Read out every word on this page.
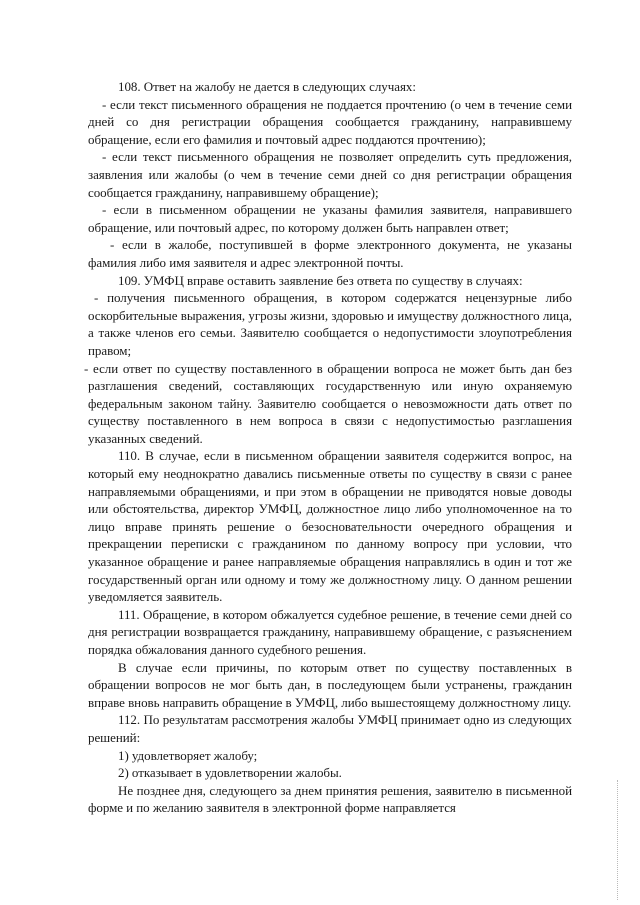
108. Ответ на жалобу не дается в следующих случаях:

- если текст письменного обращения не поддается прочтению (о чем в течение семи дней со дня регистрации обращения сообщается гражданину, направившему обращение, если его фамилия и почтовый адрес поддаются прочтению);

- если текст письменного обращения не позволяет определить суть предложения, заявления или жалобы (о чем в течение семи дней со дня регистрации обращения сообщается гражданину, направившему обращение);

- если в письменном обращении не указаны фамилия заявителя, направившего обращение, или почтовый адрес, по которому должен быть направлен ответ;

- если в жалобе, поступившей в форме электронного документа, не указаны фамилия либо имя заявителя и адрес электронной почты.

109. УМФЦ вправе оставить заявление без ответа по существу в случаях:

- получения письменного обращения, в котором содержатся нецензурные либо оскорбительные выражения, угрозы жизни, здоровью и имуществу должностного лица, а также членов его семьи. Заявителю сообщается о недопустимости злоупотребления правом;

- если ответ по существу поставленного в обращении вопроса не может быть дан без разглашения сведений, составляющих государственную или иную охраняемую федеральным законом тайну. Заявителю сообщается о невозможности дать ответ по существу поставленного в нем вопроса в связи с недопустимостью разглашения указанных сведений.

110. В случае, если в письменном обращении заявителя содержится вопрос, на который ему неоднократно давались письменные ответы по существу в связи с ранее направляемыми обращениями, и при этом в обращении не приводятся новые доводы или обстоятельства, директор УМФЦ, должностное лицо либо уполномоченное на то лицо вправе принять решение о безосновательности очередного обращения и прекращении переписки с гражданином по данному вопросу при условии, что указанное обращение и ранее направляемые обращения направлялись в один и тот же государственный орган или одному и тому же должностному лицу. О данном решении уведомляется заявитель.

111. Обращение, в котором обжалуется судебное решение, в течение семи дней со дня регистрации возвращается гражданину, направившему обращение, с разъяснением порядка обжалования данного судебного решения.

В случае если причины, по которым ответ по существу поставленных в обращении вопросов не мог быть дан, в последующем были устранены, гражданин вправе вновь направить обращение в УМФЦ, либо вышестоящему должностному лицу.

112. По результатам рассмотрения жалобы УМФЦ принимает одно из следующих решений:

1) удовлетворяет жалобу;

2) отказывает в удовлетворении жалобы.

Не позднее дня, следующего за днем принятия решения, заявителю в письменной форме и по желанию заявителя в электронной форме направляется
